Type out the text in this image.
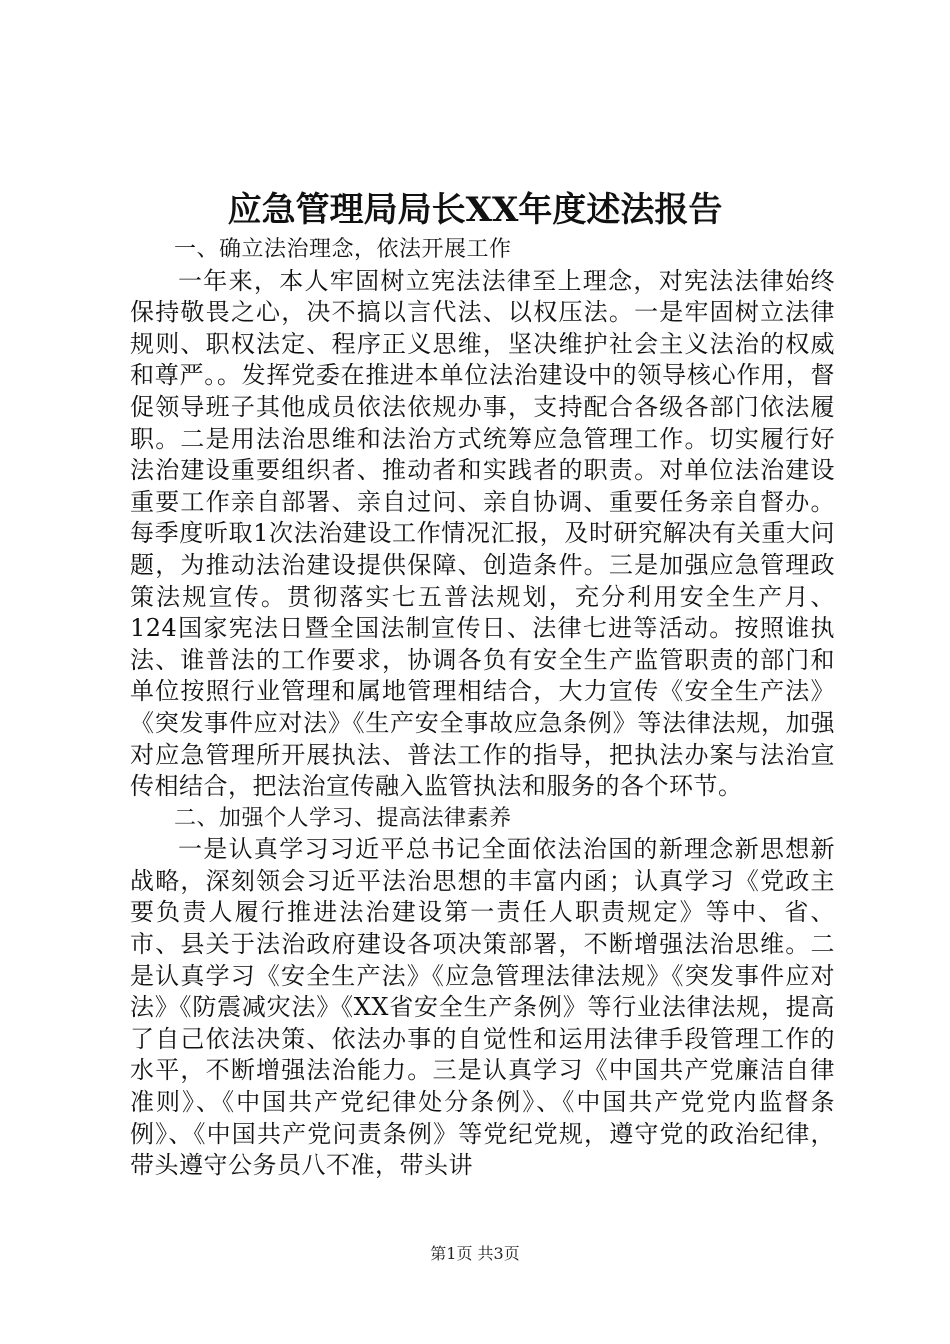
应急管理局局长XX年度述法报告

一、确立法治理念，依法开展工作

一年来，本人牢固树立宪法法律至上理念，对宪法法律始终保持敬畏之心，决不搞以言代法、以权压法。一是牢固树立法律规则、职权法定、程序正义思维，坚决维护社会主义法治的权威和尊严。。发挥党委在推进本单位法治建设中的领导核心作用，督促领导班子其他成员依法依规办事，支持配合各级各部门依法履职。二是用法治思维和法治方式统筹应急管理工作。切实履行好法治建设重要组织者、推动者和实践者的职责。对单位法治建设重要工作亲自部署、亲自过问、亲自协调、重要任务亲自督办。每季度听取1次法治建设工作情况汇报，及时研究解决有关重大问题，为推动法治建设提供保障、创造条件。三是加强应急管理政策法规宣传。贯彻落实七五普法规划，充分利用安全生产月、124国家宪法日暨全国法制宣传日、法律七进等活动。按照谁执法、谁普法的工作要求，协调各负有安全生产监管职责的部门和单位按照行业管理和属地管理相结合，大力宣传《安全生产法》《突发事件应对法》《生产安全事故应急条例》等法律法规，加强对应急管理所开展执法、普法工作的指导，把执法办案与法治宣传相结合，把法治宣传融入监管执法和服务的各个环节。

二、加强个人学习、提高法律素养

一是认真学习习近平总书记全面依法治国的新理念新思想新战略，深刻领会习近平法治思想的丰富内函；认真学习《党政主要负责人履行推进法治建设第一责任人职责规定》等中、省、市、县关于法治政府建设各项决策部署，不断增强法治思维。二是认真学习《安全生产法》《应急管理法律法规》《突发事件应对法》《防震减灾法》《XX省安全生产条例》等行业法律法规，提高了自己依法决策、依法办事的自觉性和运用法律手段管理工作的水平，不断增强法治能力。三是认真学习《中国共产党廉洁自律准则》、《中国共产党纪律处分条例》、《中国共产党党内监督条例》、《中国共产党问责条例》等党纪党规，遵守党的政治纪律，带头遵守公务员八不准，带头讲

第1页 共3页
